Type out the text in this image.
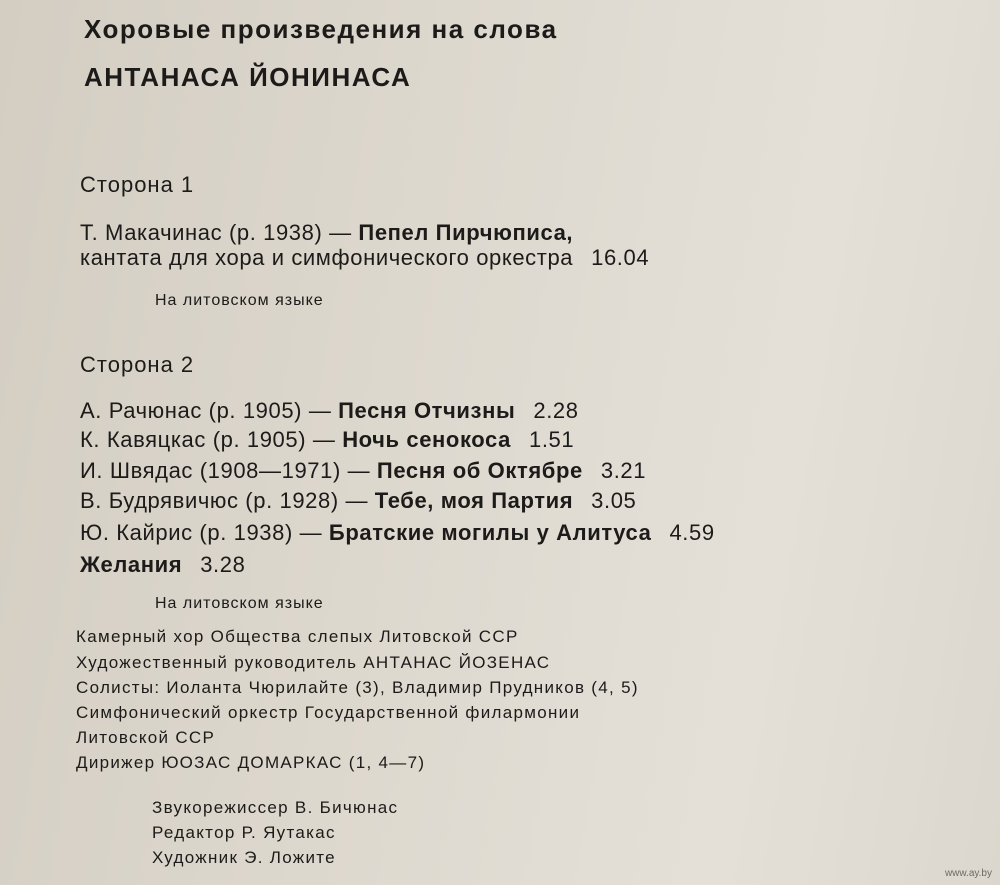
Хоровые произведения на слова
АНТАНАСА ЙОНИНАСА
Сторона 1
Т. Макачинас (р. 1938) — Пепел Пирчюписа,
кантата для хора и симфонического оркестра 16.04
На литовском языке
Сторона 2
А. Рачюнас (р. 1905) — Песня Отчизны 2.28
К. Кавяцкас (р. 1905) — Ночь сенокоса 1.51
И. Швядас (1908—1971) — Песня об Октябре 3.21
В. Будрявичюс (р. 1928) — Тебе, моя Партия 3.05
Ю. Кайрис (р. 1938) — Братские могилы у Алитуса 4.59
Желания 3.28
На литовском языке
Камерный хор Общества слепых Литовской ССР
Художественный руководитель АНТАНАС ЙОЗЕНАС
Солисты: Иоланта Чюрилайте (3), Владимир Прудников (4, 5)
Симфонический оркестр Государственной филармонии
Литовской ССР
Дирижер ЮОЗАС ДОМАРКАС (1, 4—7)
Звукорежиссер В. Бичюнас
Редактор Р. Яутакас
Художник Э. Ложите
www.ay.by
